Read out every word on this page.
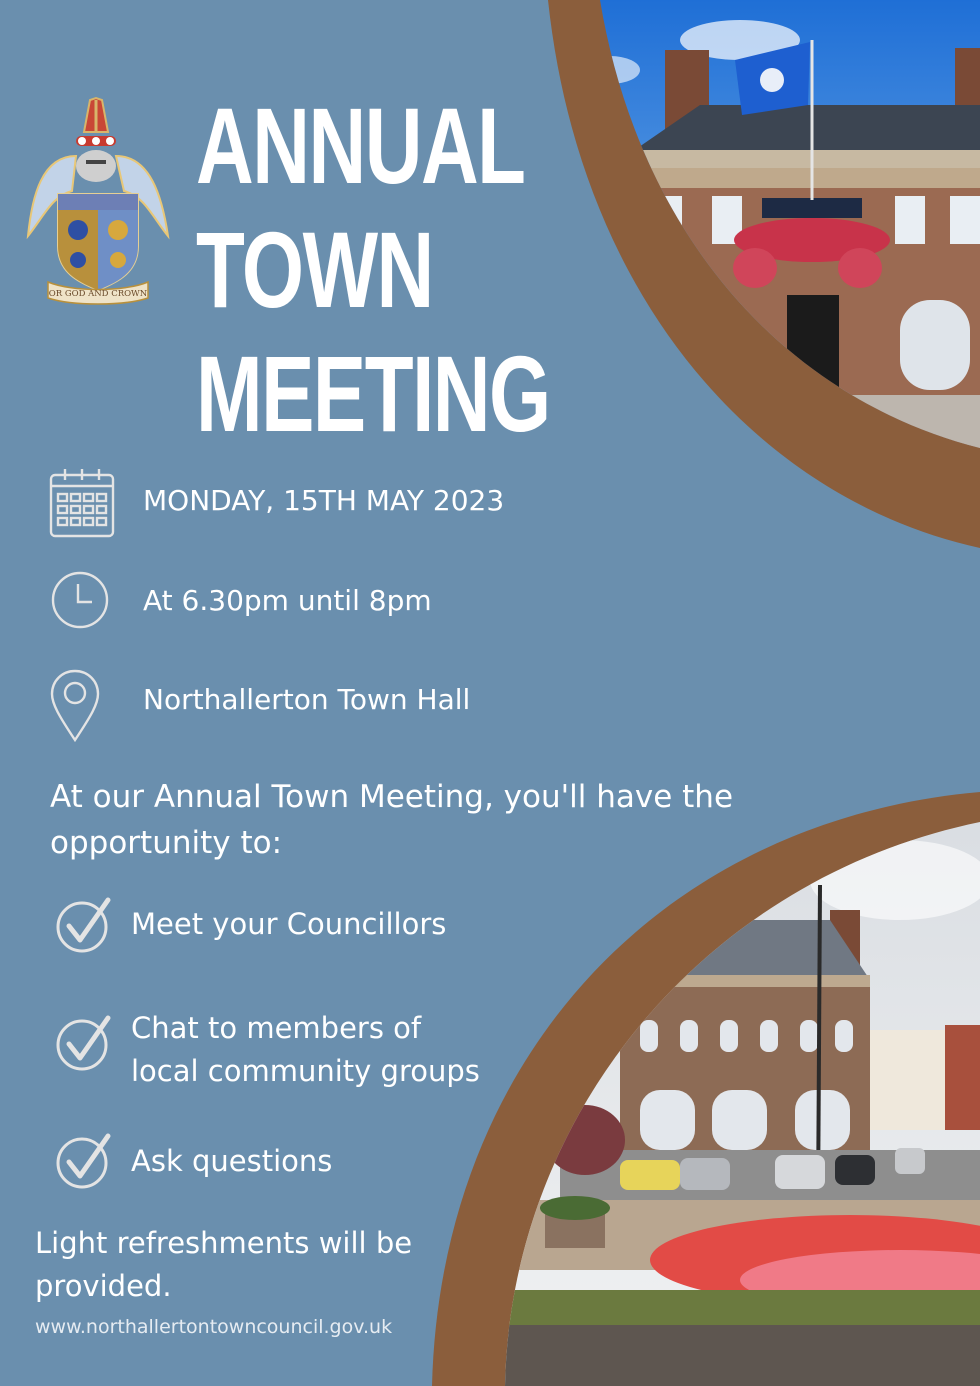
OR GOD AND CROWN
ANNUAL
TOWN
MEETING
MONDAY, 15TH MAY 2023
At 6.30pm until 8pm
Northallerton Town Hall
At our Annual Town Meeting, you'll have the opportunity to:
Meet your Councillors
Chat to members of
local community groups
Ask questions
Light refreshments will be provided.
www.northallertontowncouncil.gov.uk
